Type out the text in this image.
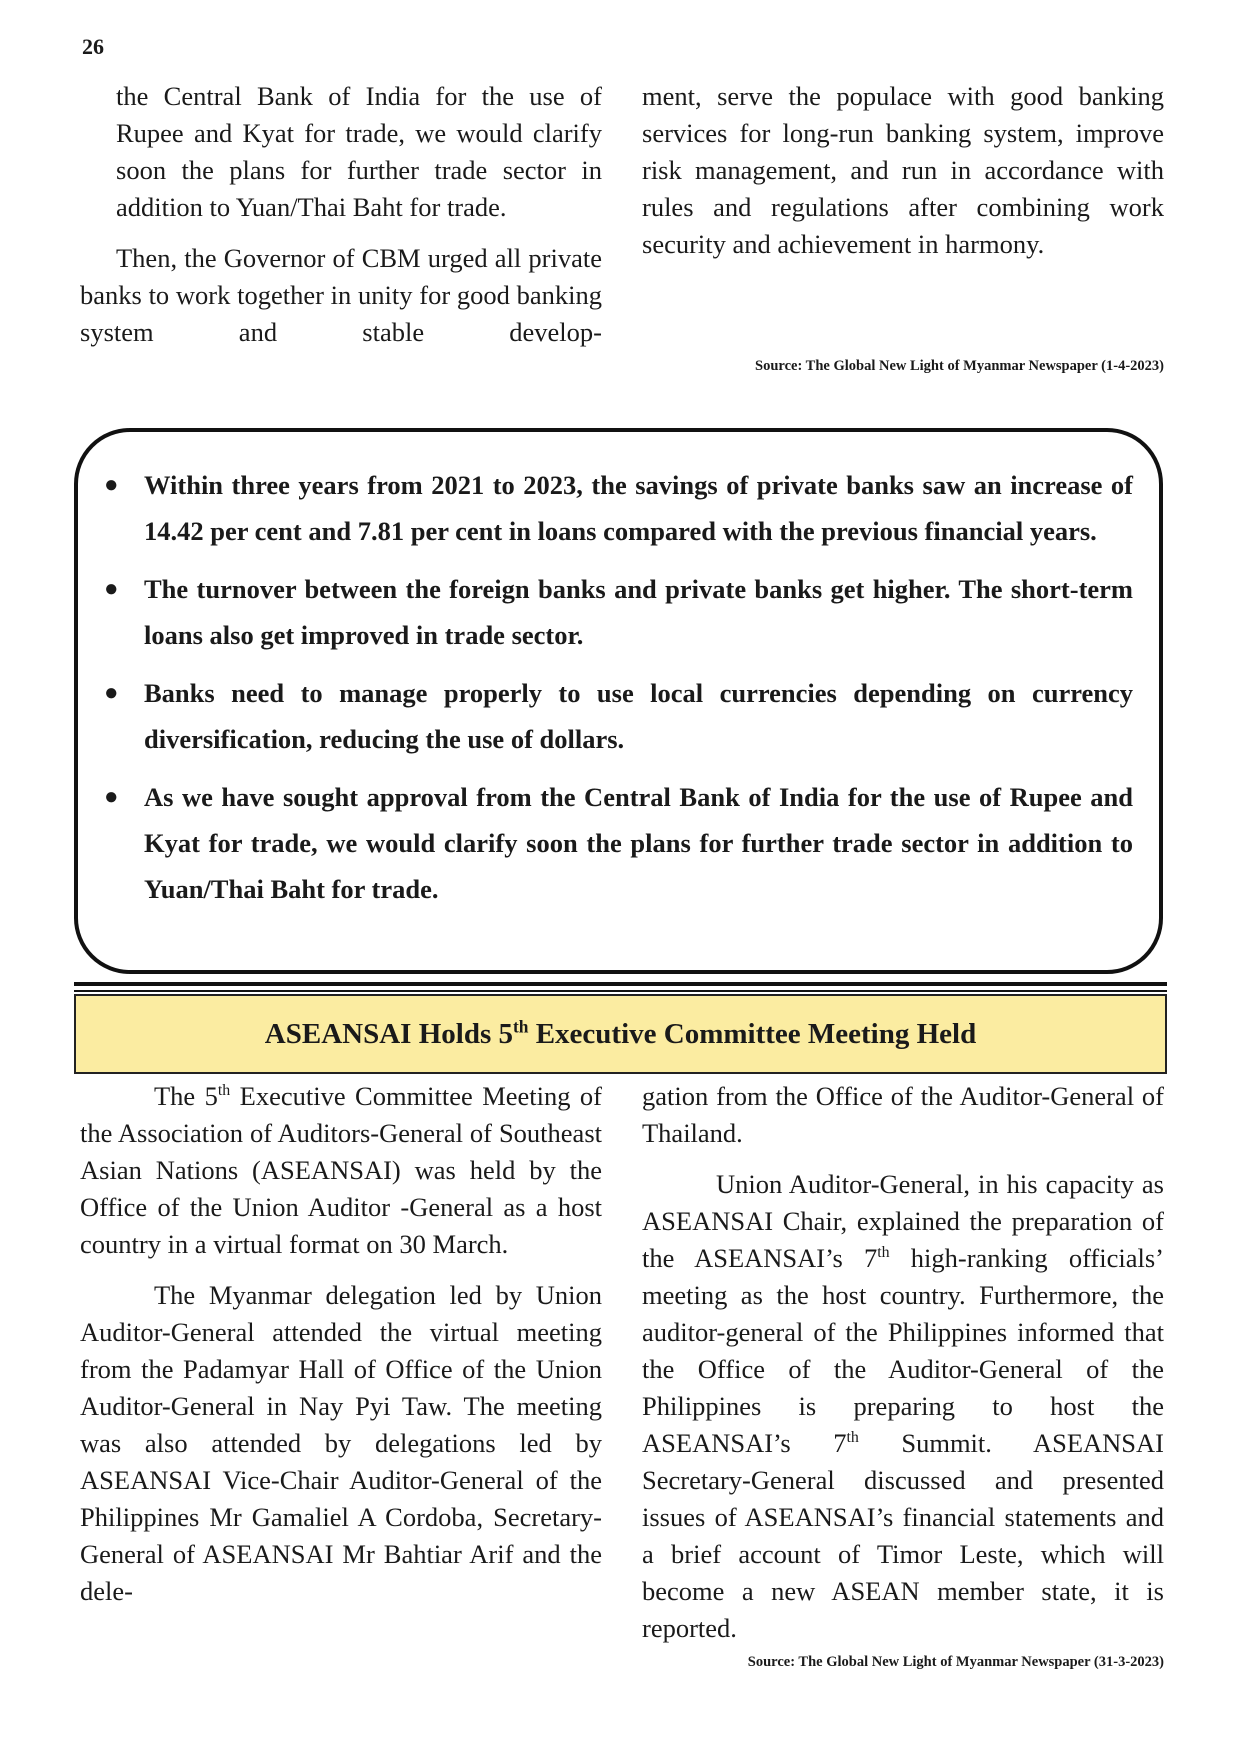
26

the Central Bank of India for the use of Rupee and Kyat for trade, we would clarify soon the plans for further trade sector in addition to Yuan/Thai Baht for trade.

Then, the Governor of CBM urged all private banks to work together in unity for good banking system and stable develop-

ment, serve the populace with good banking services for long-run banking system, improve risk management, and run in accordance with rules and regulations after combining work security and achievement in harmony.

Source: The Global New Light of Myanmar Newspaper (1-4-2023)
● Within three years from 2021 to 2023, the savings of private banks saw an increase of 14.42 per cent and 7.81 per cent in loans compared with the previous financial years.
● The turnover between the foreign banks and private banks get higher. The short-term loans also get improved in trade sector.
● Banks need to manage properly to use local currencies depending on currency diversification, reducing the use of dollars.
● As we have sought approval from the Central Bank of India for the use of Rupee and Kyat for trade, we would clarify soon the plans for further trade sector in addition to Yuan/Thai Baht for trade.
ASEANSAI Holds 5th Executive Committee Meeting Held

The 5th Executive Committee Meeting of the Association of Auditors-General of Southeast Asian Nations (ASEANSAI) was held by the Office of the Union Auditor -General as a host country in a virtual format on 30 March.

The Myanmar delegation led by Union Auditor-General attended the virtual meeting from the Padamyar Hall of Office of the Union Auditor-General in Nay Pyi Taw. The meeting was also attended by delegations led by ASEANSAI Vice-Chair Auditor-General of the Philippines Mr Gamaliel A Cordoba, Secretary-General of ASEANSAI Mr Bahtiar Arif and the dele-

gation from the Office of the Auditor-General of Thailand.

Union Auditor-General, in his capacity as ASEANSAI Chair, explained the preparation of the ASEANSAI’s 7th high-ranking officials’ meeting as the host country. Furthermore, the auditor-general of the Philippines informed that the Office of the Auditor-General of the Philippines is preparing to host the ASEANSAI’s 7th Summit. ASEANSAI Secretary-General discussed and presented issues of ASEANSAI’s financial statements and a brief account of Timor Leste, which will become a new ASEAN member state, it is reported.

Source: The Global New Light of Myanmar Newspaper (31-3-2023)
